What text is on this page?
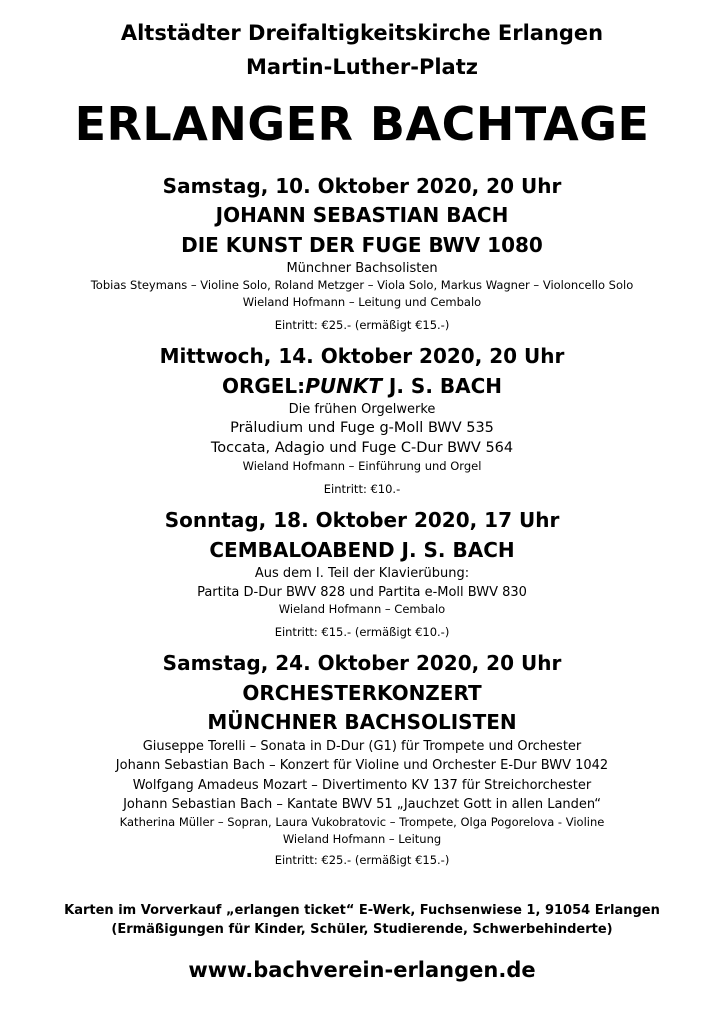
Altstädter Dreifaltigkeitskirche Erlangen
Martin-Luther-Platz
ERLANGER BACHTAGE
Samstag, 10. Oktober 2020, 20 Uhr
JOHANN SEBASTIAN BACH
DIE KUNST DER FUGE BWV 1080
Münchner Bachsolisten
Tobias Steymans – Violine Solo, Roland Metzger – Viola Solo, Markus Wagner – Violoncello Solo
Wieland Hofmann – Leitung und Cembalo
Eintritt: €25.- (ermäßigt €15.-)
Mittwoch, 14. Oktober 2020, 20 Uhr
ORGEL:PUNKT J. S. BACH
Die frühen Orgelwerke
Präludium und Fuge g-Moll BWV 535
Toccata, Adagio und Fuge C-Dur BWV 564
Wieland Hofmann – Einführung und Orgel
Eintritt: €10.-
Sonntag, 18. Oktober 2020, 17 Uhr
CEMBALOABEND J. S. BACH
Aus dem I. Teil der Klavierübung:
Partita D-Dur BWV 828 und Partita e-Moll BWV 830
Wieland Hofmann – Cembalo
Eintritt: €15.- (ermäßigt €10.-)
Samstag, 24. Oktober 2020, 20 Uhr
ORCHESTERKONZERT
MÜNCHNER BACHSOLISTEN
Giuseppe Torelli – Sonata in D-Dur (G1) für Trompete und Orchester
Johann Sebastian Bach – Konzert für Violine und Orchester E-Dur BWV 1042
Wolfgang Amadeus Mozart – Divertimento KV 137 für Streichorchester
Johann Sebastian Bach – Kantate BWV 51 „Jauchzet Gott in allen Landen“
Katherina Müller – Sopran, Laura Vukobratovic – Trompete, Olga Pogorelova - Violine
Wieland Hofmann – Leitung
Eintritt: €25.- (ermäßigt €15.-)
Karten im Vorverkauf „erlangen ticket“ E-Werk, Fuchsenwiese 1, 91054 Erlangen
(Ermäßigungen für Kinder, Schüler, Studierende, Schwerbehinderte)
www.bachverein-erlangen.de
